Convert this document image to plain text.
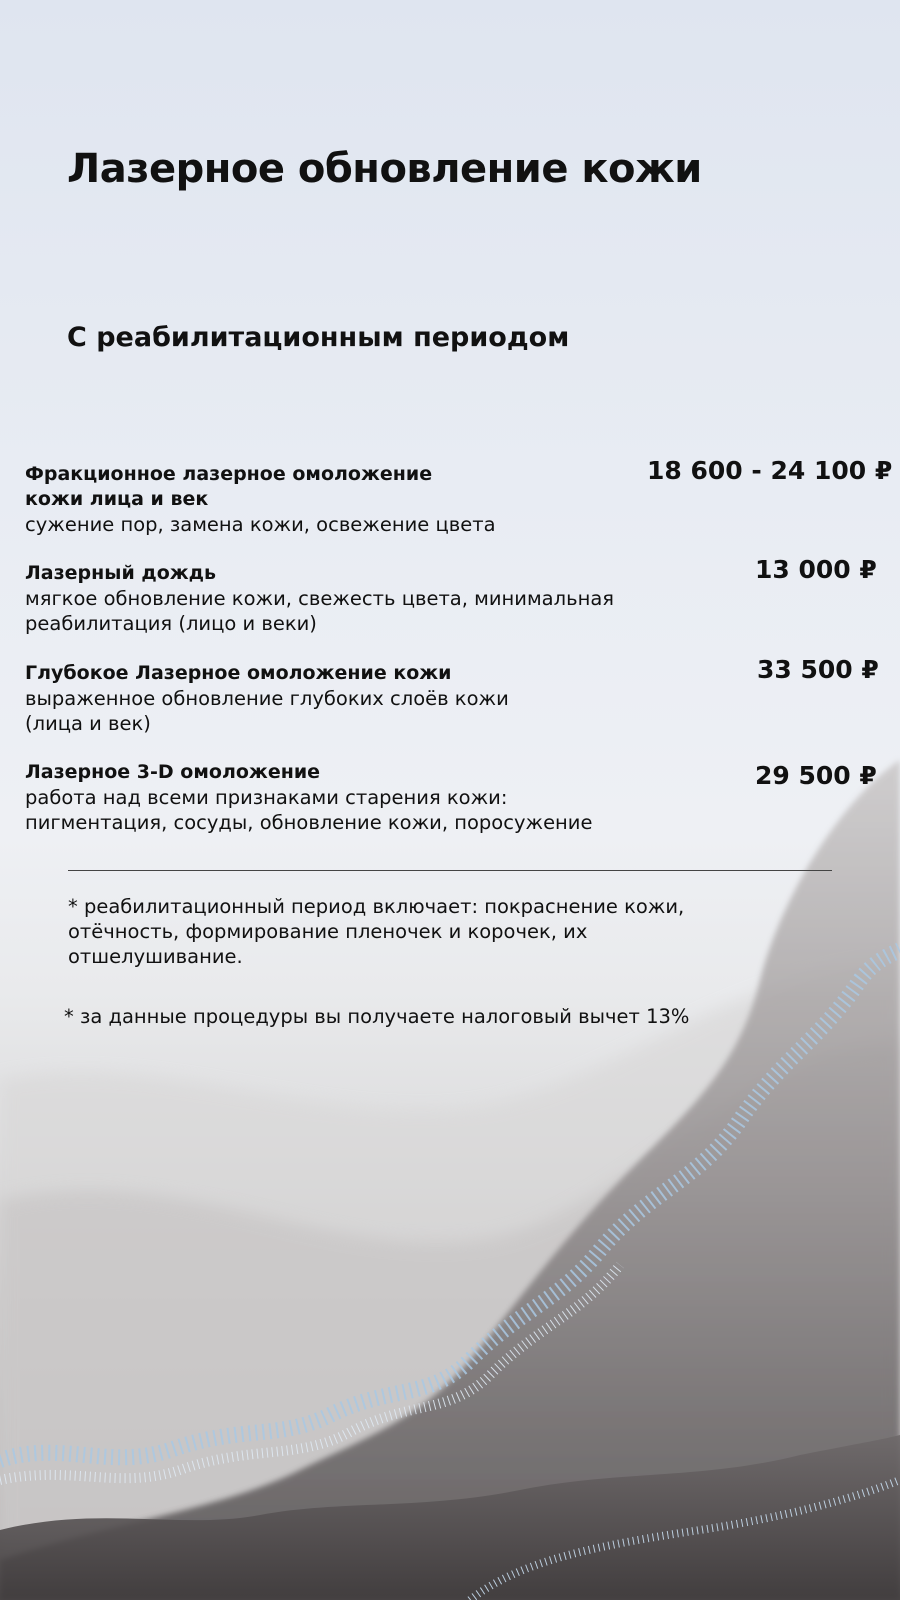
Лазерное обновление кожи
С реабилитационным периодом
Фракционное лазерное омоложение
кожи лица и век
сужение пор, замена кожи, освежение цвета
18 600 - 24 100 ₽
Лазерный дождь
мягкое обновление кожи, свежесть цвета, минимальная
реабилитация (лицо и веки)
13 000 ₽
Глубокое Лазерное омоложение кожи
выраженное обновление глубоких слоёв кожи
(лица и век)
33 500 ₽
Лазерное 3-D омоложение
работа над всеми признаками старения кожи:
пигментация, сосуды, обновление кожи, поросужение
29 500 ₽
* реабилитационный период включает: покраснение кожи,
отёчность, формирование пленочек и корочек, их
отшелушивание.
* за данные процедуры вы получаете налоговый вычет 13%
